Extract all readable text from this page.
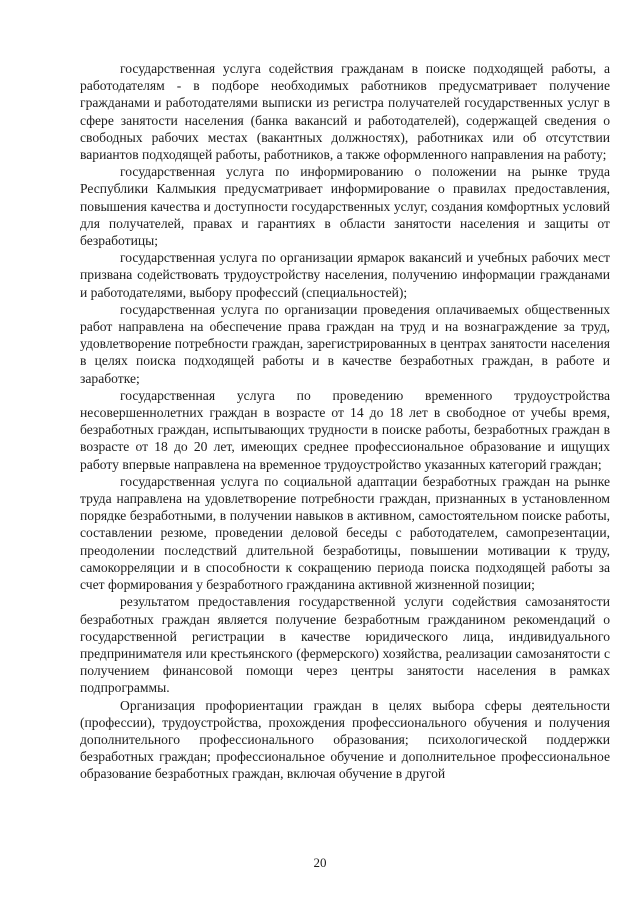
государственная услуга содействия гражданам в поиске подходящей работы, а работодателям - в подборе необходимых работников предусматривает получение гражданами и работодателями выписки из регистра получателей государственных услуг в сфере занятости населения (банка вакансий и работодателей), содержащей сведения о свободных рабочих местах (вакантных должностях), работниках или об отсутствии вариантов подходящей работы, работников, а также оформленного направления на работу;

государственная услуга по информированию о положении на рынке труда Республики Калмыкия предусматривает информирование о правилах предоставления, повышения качества и доступности государственных услуг, создания комфортных условий для получателей, правах и гарантиях в области занятости населения и защиты от безработицы;

государственная услуга по организации ярмарок вакансий и учебных рабочих мест призвана содействовать трудоустройству населения, получению информации гражданами и работодателями, выбору профессий (специальностей);

государственная услуга по организации проведения оплачиваемых общественных работ направлена на обеспечение права граждан на труд и на вознаграждение за труд, удовлетворение потребности граждан, зарегистрированных в центрах занятости населения в целях поиска подходящей работы и в качестве безработных граждан, в работе и заработке;

государственная услуга по проведению временного трудоустройства несовершеннолетних граждан в возрасте от 14 до 18 лет в свободное от учебы время, безработных граждан, испытывающих трудности в поиске работы, безработных граждан в возрасте от 18 до 20 лет, имеющих среднее профессиональное образование и ищущих работу впервые направлена на временное трудоустройство указанных категорий граждан;

государственная услуга по социальной адаптации безработных граждан на рынке труда направлена на удовлетворение потребности граждан, признанных в установленном порядке безработными, в получении навыков в активном, самостоятельном поиске работы, составлении резюме, проведении деловой беседы с работодателем, самопрезентации, преодолении последствий длительной безработицы, повышении мотивации к труду, самокорреляции и в способности к сокращению периода поиска подходящей работы за счет формирования у безработного гражданина активной жизненной позиции;

результатом предоставления государственной услуги содействия самозанятости безработных граждан является получение безработным гражданином рекомендаций о государственной регистрации в качестве юридического лица, индивидуального предпринимателя или крестьянского (фермерского) хозяйства, реализации самозанятости с получением финансовой помощи через центры занятости населения в рамках подпрограммы.

Организация профориентации граждан в целях выбора сферы деятельности (профессии), трудоустройства, прохождения профессионального обучения и получения дополнительного профессионального образования; психологической поддержки безработных граждан; профессиональное обучение и дополнительное профессиональное образование безработных граждан, включая обучение в другой

20
